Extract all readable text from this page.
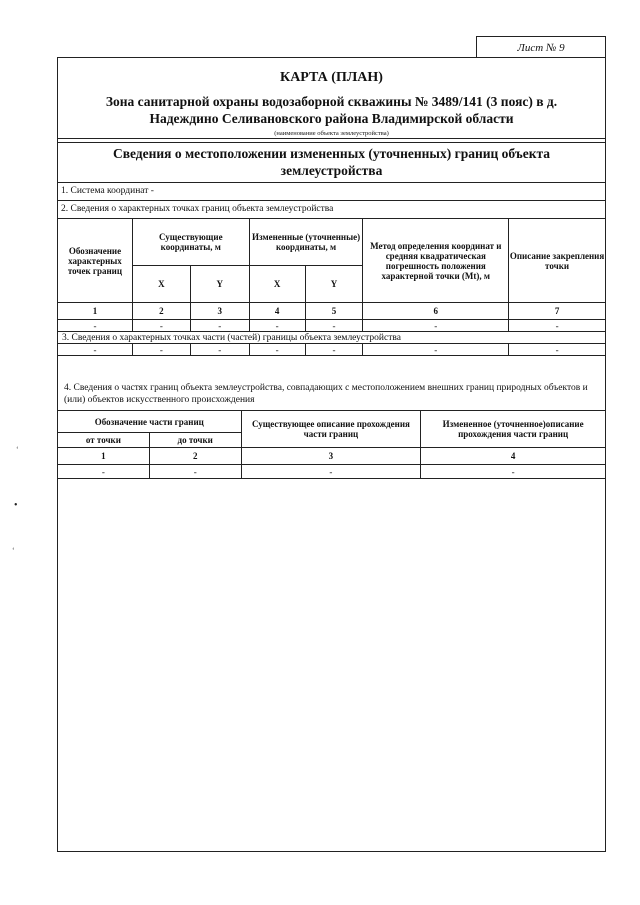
Лист № 9
КАРТА (ПЛАН)
Зона санитарной охраны водозаборной скважины № 3489/141 (3 пояс) в д.
Надеждино Селивановского района Владимирской области
(наименование объекта землеустройства)
Сведения о местоположении измененных (уточненных) границ объекта
землеустройства
1. Система координат -
2. Сведения о характерных точках границ объекта землеустройства
Обозначение характерных точек границ	Существующие координаты, м		Измененные (уточненные) координаты, м		Метод определения координат и средняя квадратическая погрешность положения характерной точки (Mt), м	Описание закрепления точки
	X	Y	X	Y		
1	2	3	4	5	6	7
-	-	-	-	-	-	-
3. Сведения о характерных точках части (частей) границы объекта землеустройства						
-	-	-	-	-	-	-
4. Сведения о частях границ объекта землеустройства, совпадающих с местоположением внешних границ природных объектов и (или) объектов искусственного происхождения
Обозначение части границ		Существующее описание прохождения части границ	Измененное (уточненное)описание прохождения части границ
от точки	до точки		
1	2	3	4
-	-	-	-
‘
•
ʻ
